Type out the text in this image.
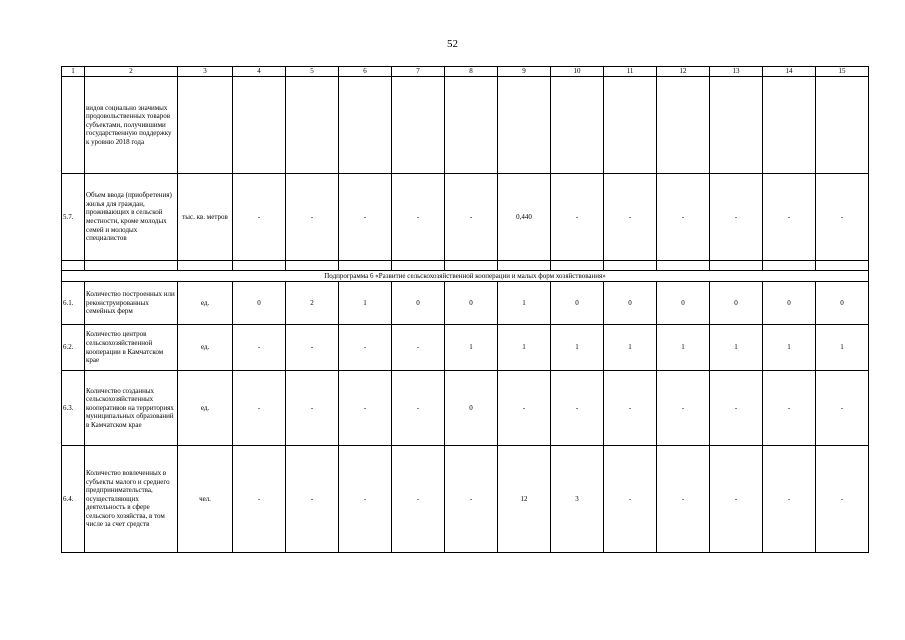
52
1	2	3	4	5	6	7	8	9	10	11	12	13	14	15
	видов социально значимых продовольственных товаров субъектами, получившими государственную поддержку к уровню 2018 года													
5.7.	Объем ввода (приобретения) жилья для граждан, проживающих в сельской местности, кроме молодых семей и молодых специалистов	тыс. кв. метров	-	-	-	-	-	0,440	-	-	-	-	-	-

Подпрограмма 6 «Развитие сельскохозяйственной кооперации и малых форм хозяйствования»														
6.1.	Количество построенных или реконструированных семейных ферм	ед.	0	2	1	0	0	1	0	0	0	0	0	0
6.2.	Количество центров сельскохозяйственной кооперации в Камчатском крае	ед.	-	-	-	-	1	1	1	1	1	1	1	1
6.3.	Количество созданных сельскохозяйственных кооперативов на территориях муниципальных образований в Камчатском крае	ед.	-	-	-	-	0	-	-	-	-	-	-	-
6.4.	Количество вовлеченных в субъекты малого и среднего предпринимательства, осуществляющих деятельность в сфере сельского хозяйства, в том числе за счет средств	чел.	-	-	-	-	-	12	3	-	-	-	-	-
